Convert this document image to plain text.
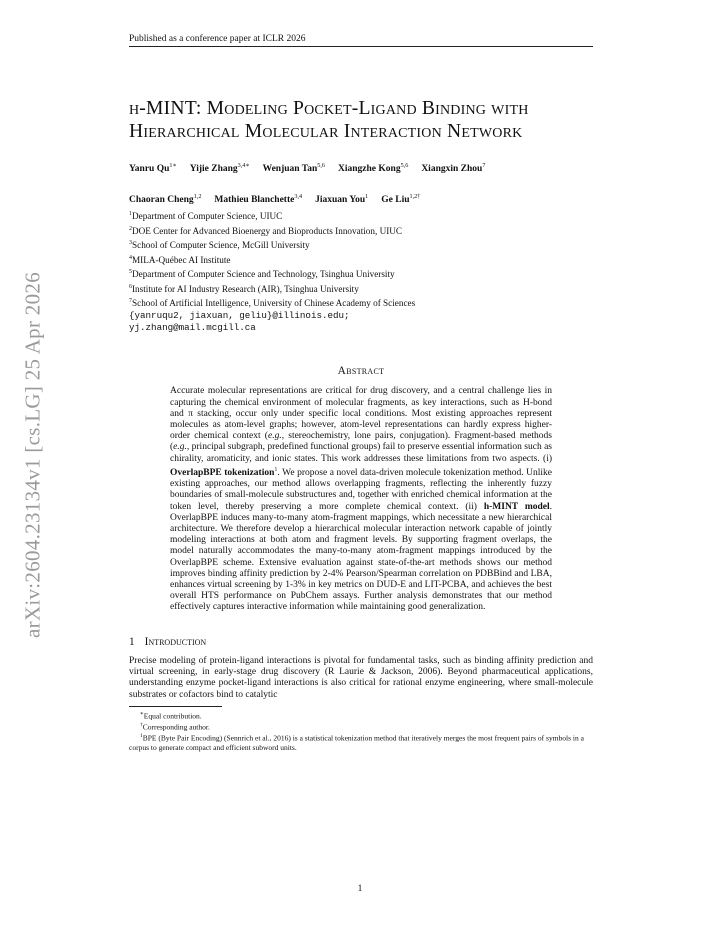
arXiv:2604.23134v1 [cs.LG] 25 Apr 2026
Published as a conference paper at ICLR 2026
h-MINT: Modeling Pocket-Ligand Binding with
Hierarchical Molecular Interaction Network
Yanru $Qu^{1∗}$ Yijie Zhang$^{3,4∗}$ Wenjuan Tan$^{5,6}$ Xiangzhe Kong$^{5,6}$ Xiangxin Zhou$^7$
Chaoran Cheng$^{1,2}$ Mathieu Blanchette$^{3,4}$ Jiaxuan You$^1$ Ge Liu$^{1,2\dagger}$
$^1$Department of Computer Science, UIUC
$^2$DOE Center for Advanced Bioenergy and Bioproducts Innovation, UIUC
$^3$School of Computer Science, McGill University
$^4$MILA-Québec AI Institute
$^5$Department of Computer Science and Technology, Tsinghua University
$^6$Institute for AI Industry Research (AIR), Tsinghua University
$^7$School of Artificial Intelligence, University of Chinese Academy of Sciences
{yanruqu2, jiaxuan, geliu}@illinois.edu;
yj.zhang@mail.mcgill.ca
Abstract
Accurate molecular representations are critical for drug discovery, and a central challenge lies in capturing the chemical environment of molecular fragments, as key interactions, such as H-bond and π stacking, occur only under specific local conditions. Most existing approaches represent molecules as atom-level graphs; however, atom-level representations can hardly express higher-order chemical context (e.g., stereochemistry, lone pairs, conjugation). Fragment-based methods (e.g., principal subgraph, predefined functional groups) fail to preserve essential information such as chirality, aromaticity, and ionic states. This work addresses these limitations from two aspects. (i) OverlapBPE tokenization$^1$. We propose a novel data-driven molecule tokenization method. Unlike existing approaches, our method allows overlapping fragments, reflecting the inherently fuzzy boundaries of small-molecule substructures and, together with enriched chemical information at the token level, thereby preserving a more complete chemical context. (ii) h-MINT model. OverlapBPE induces many-to-many atom-fragment mappings, which necessitate a new hierarchical architecture. We therefore develop a hierarchical molecular interaction network capable of jointly modeling interactions at both atom and fragment levels. By supporting fragment overlaps, the model naturally accommodates the many-to-many atom-fragment mappings introduced by the OverlapBPE scheme. Extensive evaluation against state-of-the-art methods shows our method improves binding affinity prediction by 2-4% Pearson/Spearman correlation on PDBBind and LBA, enhances virtual screening by 1-3% in key metrics on DUD-E and LIT-PCBA, and achieves the best overall HTS performance on PubChem assays. Further analysis demonstrates that our method effectively captures interactive information while maintaining good generalization.
1 Introduction
Precise modeling of protein-ligand interactions is pivotal for fundamental tasks, such as binding affinity prediction and virtual screening, in early-stage drug discovery (R Laurie & Jackson, 2006). Beyond pharmaceutical applications, understanding enzyme pocket-ligand interactions is also critical for rational enzyme engineering, where small-molecule substrates or cofactors bind to catalytic
∗Equal contribution.
†Corresponding author.
$^1$BPE (Byte Pair Encoding) (Sennrich et al., 2016) is a statistical tokenization method that iteratively merges the most frequent pairs of symbols in a corpus to generate compact and efficient subword units.
1
